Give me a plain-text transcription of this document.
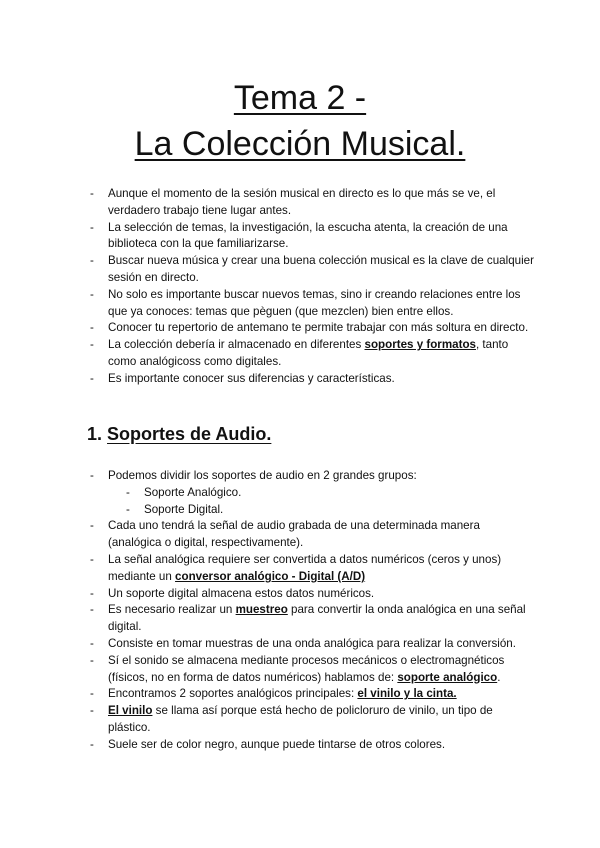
Tema 2 -
La Colección Musical.
- Aunque el momento de la sesión musical en directo es lo que más se ve, el verdadero trabajo tiene lugar antes.
- La selección de temas, la investigación, la escucha atenta, la creación de una biblioteca con la que familiarizarse.
- Buscar nueva música y crear una buena colección musical es la clave de cualquier sesión en directo.
- No solo es importante buscar nuevos temas, sino ir creando relaciones entre los que ya conoces: temas que pèguen (que mezclen) bien entre ellos.
- Conocer tu repertorio de antemano te permite trabajar con más soltura en directo.
- La colección debería ir almacenado en diferentes soportes y formatos, tanto como analógicoss como digitales.
- Es importante conocer sus diferencias y características.
1. Soportes de Audio.
- Podemos dividir los soportes de audio en 2 grandes grupos:
- Soporte Analógico.
- Soporte Digital.
- Cada uno tendrá la señal de audio grabada de una determinada manera (analógica o digital, respectivamente).
- La señal analógica requiere ser convertida a datos numéricos (ceros y unos) mediante un conversor analógico - Digital (A/D)
- Un soporte digital almacena estos datos numéricos.
- Es necesario realizar un muestreo para convertir la onda analógica en una señal digital.
- Consiste en tomar muestras de una onda analógica para realizar la conversión.
- Sí el sonido se almacena mediante procesos mecánicos o electromagnéticos (físicos, no en forma de datos numéricos) hablamos de: soporte analógico.
- Encontramos 2 soportes analógicos principales: el vinilo y la cinta.
- El vinilo se llama así porque está hecho de policloruro de vinilo, un tipo de plástico.
- Suele ser de color negro, aunque puede tintarse de otros colores.
